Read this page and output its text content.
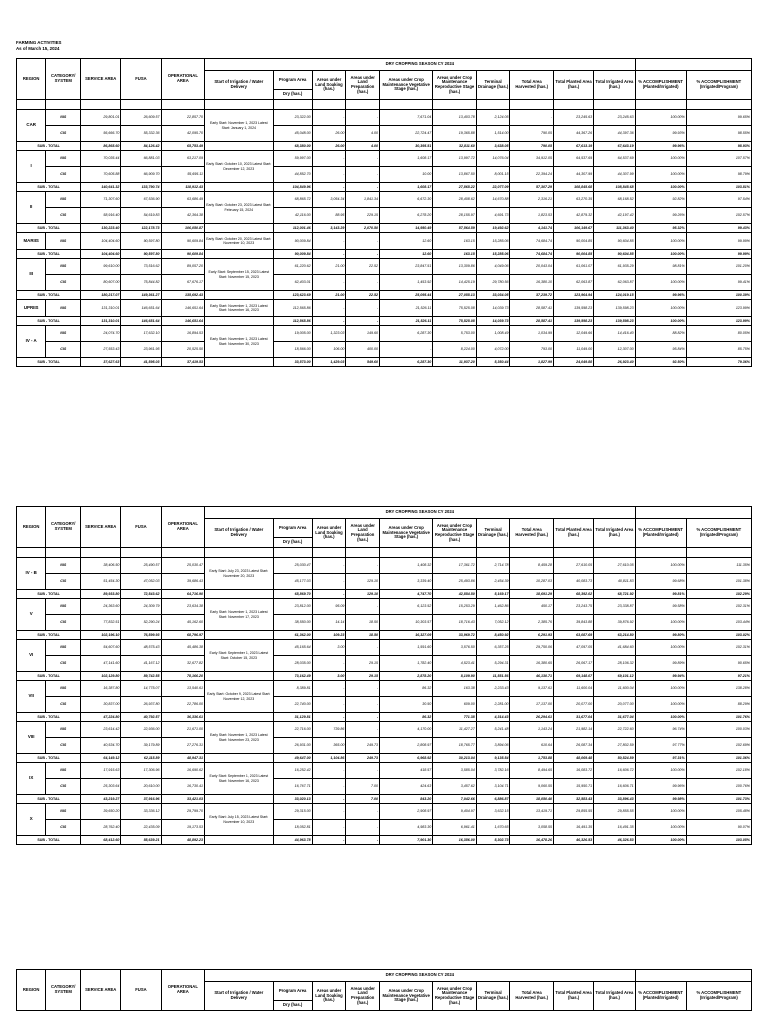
FARMING ACTIVITIES
As of March 15, 2024
REGION	CATEGORY/ SYSTEM	SERVICE AREA	FUSA	OPERATIONAL AREA	DRY CROPPING SEASON CY 2024											
					Start of Irrigation / Water Delivery	Program Area	Areas under Land Soaking (has.)	Areas under Land Preparation (has.)	Areas under Crop Maintenance Vegetative Stage (has.)	Areas under Crop Maintenance Reproductive Stage (has.)	Terminal Drainage (has.)	Total Area Harvested (has.)	Total Planted Area (has.)	Total Irrigated Area (has.)	% ACCOMPLISHMENT (Planted/Irrigated)	% ACCOMPLISHMENT (Irrigated/Program)
						Dry (has.)										

CAR	NIS	29,801.01	26,609.57	22,857.70	Early Start: November 1, 2023 Latest Start: January 1, 2024	23,322.00	-	-	7,671.04	13,403.78	2,124.05	-	23,245.63	23,245.63	100.00%	99.65%
	CIS	56,666.70	55,332.36	42,095.70		45,048.00	26.00	4.00	22,724.47	19,365.88	1,514.00	790.05	44,367.26	44,397.36	99.93%	98.55%
SUB - TOTAL		86,865.60	84,126.42	65,753.49		68,380.00	26.00	4.00	30,395.51	32,811.60	3,638.05	790.05	67,613.19	67,643.19	99.96%	98.93%
I	NIS	70,035.44	66,881.03	63,217.09	Early Start: October 10, 2023 Latest Start: December 12, 2023	59,997.00	-	-	1,608.17	13,997.72	14,076.04	34,912.05	64,537.69	64,537.69	100.00%	107.57%
	CIS	70,605.88	66,909.70	55,695.11		44,852.70	-	-	10.00	13,867.50	8,001.15	22,394.24	44,307.99	44,307.99	100.00%	98.79%
SUB - TOTAL		140,641.32	133,790.74	118,912.43		104,849.96	-	-	1,608.17	27,865.22	22,077.09	57,307.29	108,845.68	108,845.68	100.00%	103.81%
II	NIS	71,307.60	67,536.90	63,686.49	Early Start: October 23, 2023 Latest Start: February 15, 2024	68,865.72	3,054.34	1,841.34	6,672.30	28,408.62	14,670.88	2,316.21	63,270.35	68,168.52	92.82%	97.54%
	CIS	58,916.40	54,619.83	42,364.38		42,116.00	88.95	229.15	6,278.20	28,155.97	4,691.73	1,823.53	42,879.32	42,197.42	99.26%	102.57%
SUB - TOTAL		130,223.40	122,178.73	106,050.87		112,001.46	3,143.29	2,070.50	14,950.49	57,564.59	19,492.62	4,141.74	106,149.67	111,363.40	95.32%	99.43%
MARIIS	NIS	104,404.60	90,597.80	90,609.84	Early Start: October 20, 2023 Latest Start: November 10, 2023	90,009.84	-	-	12.60	163.15	15,285.06	74,684.74	90,004.85	90,604.85	100.00%	99.99%
SUB - TOTAL		104,404.60	90,597.80	90,609.84		90,009.84	-	-	12.60	163.15	15,285.06	74,684.74	90,004.85	90,604.85	100.00%	99.99%
III	NIS	99,610.00	73,516.62	89,057.20	Early Start: September 15, 2023 Latest Start: November 15, 2023	61,220.62	21.00	22.52	23,847.51	13,309.86	4,049.06	20,043.04	61,061.07	61,935.29	98.81%	101.20%
	CIS	80,607.00	75,844.82	67,676.17		62,403.01	-	-	1,453.92	14,425.19	29,780.56	16,380.10	62,063.87	62,063.87	100.00%	99.41%
SUB - TOTAL		180,217.07	149,361.27	135,692.43		123,623.69	21.00	22.52	25,095.44	27,055.13	33,034.05	37,239.72	123,964.94	124,019.15	99.96%	100.39%
UPRIIS	NIS	131,310.01	146,651.64	146,651.64	Early Start: November 1, 2023 Latest Start: November 16, 2023	112,565.86	-	-	21,526.11	75,525.08	14,039.73	28,587.41	139,598.23	139,598.23	100.00%	123.99%
SUB - TOTAL		131,310.01	146,651.64	146,651.64		112,565.86	-	-	21,526.11	75,525.08	14,039.73	28,587.41	139,598.23	139,598.23	100.00%	123.99%
IV - A	NIS	24,074.70	17,632.10	16,894.53	Early Start: November 1, 2023 Latest Start: November 30, 2023	19,005.00	1,323.03	149.60	6,287.30	5,753.00	1,008.49	1,034.99	12,049.66	14,416.40	88.82%	80.05%
	CIS	27,553.43	23,961.95	20,525.50		18,566.00	106.00	400.00	-	8,224.00	4,072.00	793.00	11,049.00	12,307.00	95.84%	85.75%
SUB - TOTAL		37,627.63	41,595.03	37,419.53		33,573.00	1,429.03	549.60	6,287.30	11,937.20	5,350.44	1,827.99	24,049.88	26,923.40	92.50%	79.36%
REGION	CATEGORY/ SYSTEM	SERVICE AREA	FUSA	OPERATIONAL AREA	DRY CROPPING SEASON CY 2024											
					Start of Irrigation / Water Delivery	Program Area	Areas under Land Soaking (has.)	Areas under Land Preparation (has.)	Areas under Crop Maintenance Vegetative Stage (has.)	Areas under Crop Maintenance Reproductive Stage (has.)	Terminal Drainage (has.)	Total Area Harvested (has.)	Total Planted Area (has.)	Total Irrigated Area (has.)	% ACCOMPLISHMENT (Planted/Irrigated)	% ACCOMPLISHMENT (Irrigated/Program)
						Dry (has.)										

IV - B	NIS	38,406.50	25,490.57	25,030.47	Early Start: July 23, 2023 Latest Start: November 20, 2023	25,030.47	-	-	1,408.32	17,361.72	2,714.78	8,459.28	27,610.05	27,610.05	100.00%	111.35%
	CIS	51,454.30	47,052.03	39,686.43		45,177.03	-	129.10	3,339.40	25,493.86	2,454.39	10,287.03	40,083.73	40,811.83	99.68%	101.38%
SUB - TOTAL		89,933.80	72,543.62	64,716.90		65,869.70	-	129.10	4,747.70	42,854.50	5,169.17	18,691.29	68,392.02	68,721.92	99.81%	102.29%
V	NIS	24,363.60	24,309.79	23,634.38	Early Start: November 1, 2023 Latest Start: November 17, 2023	23,812.00	95.09	-	6,123.52	15,253.29	1,462.86	450.17	23,243.75	23,338.87	99.58%	102.31%
	CIS	77,832.51	52,290.24	45,162.60		38,550.00	14.14	18.50	10,303.57	18,716.43	7,052.12	2,385.76	39,843.88	39,876.92	100.00%	103.44%
SUB - TOTAL		102,196.10	76,599.93	68,796.97		61,362.00	109.23	18.50	16,327.09	33,969.72	8,450.92	6,291.93	63,087.69	63,214.80	99.80%	103.02%
VI	NIS	54,607.60	48,575.43	45,486.38	Early Start: September 1, 2023 Latest Start: October 15, 2023	45,165.64	3.00	-	1,591.60	3,576.50	6,357.25	29,750.06	47,097.05	41,684.60	100.00%	102.31%
	CIS	47,141.60	41,167.12	32,677.82		28,035.00	-	29.15	1,782.40	4,523.41	5,294.31	16,380.65	26,067.17	28,106.32	99.89%	90.65%
SUB - TOTAL		102,129.80	89,742.55	78,166.20		73,162.49	3.00	29.15	2,878.20	8,109.90	11,551.56	46,130.71	69,148.07	69,101.12	99.94%	97.21%
VII	NIS	16,387.80	14,775.07	13,540.61	Early Start: October 9, 2023 Latest Start: November 12, 2023	8,389.81	-	-	86.32	163.38	2,233.43	9,137.61	11,600.04	11,600.04	100.00%	138.28%
	CIS	30,837.00	26,937.80	22,786.00		22,740.00	-	-	30.50	609.00	2,281.00	17,137.00	20,077.00	20,077.00	100.00%	88.29%
SUB - TOTAL		47,224.80	40,792.57	36,336.61		31,129.81	-	-	86.32	771.38	4,314.43	26,294.61	31,677.04	31,677.04	100.00%	101.76%
VIII	NIS	23,614.42	22,936.00	21,671.00	Early Start: November 1, 2023 Latest Start: November 23, 2023	22,716.00	739.86	-	4,170.00	11,427.27	5,241.48	1,143.24	21,982.14	22,722.60	96.74%	100.03%
	CIS	40,534.70	39,179.89	27,276.31		26,931.00	365.00	249.73	2,808.97	18,765.77	3,894.06	610.64	26,087.34	27,802.59	97.77%	102.69%
SUB - TOTAL		64,149.12	62,115.89	48,947.31		49,647.00	1,104.86	249.73	6,968.92	30,213.04	9,135.54	1,753.88	48,069.48	50,524.89	97.31%	101.36%
IX	NIS	17,915.63	17,306.96	16,690.62	Early Start: September 1, 2023 Latest Start: November 16, 2023	16,252.42	-	-	418.57	3,585.04	3,782.16	8,494.65	16,083.72	16,606.72	100.00%	102.18%
	CIS	25,303.64	20,610.00	16,730.41		16,767.71	-	7.00	424.63	3,457.62	3,104.71	9,060.55	15,950.71	16,606.71	99.96%	100.76%
SUB - TOTAL		43,219.27	37,916.96	33,421.03		33,020.13	-	7.00	843.20	7,042.66	6,886.87	18,050.40	32,583.43	33,896.43	99.98%	101.73%
X	NIS	39,650.20	33,336.12	29,799.70	Early Start: July 15, 2023 Latest Start: November 10, 2023	29,315.00	-	-	2,908.97	9,404.97	3,632.15	13,419.71	29,855.55	29,855.55	100.00%	105.48%
	CIS	28,762.40	22,435.09	19,173.53		18,052.81	-	-	4,983.30	6,961.41	1,670.65	3,058.55	16,491.35	16,491.35	100.00%	90.07%
SUB - TOTAL		68,412.60	55,639.21	48,892.23		44,963.78	-	-	7,901.30	16,356.00	5,302.73	16,478.26	46,326.53	46,326.53	100.00%	103.05%
REGION	CATEGORY/ SYSTEM	SERVICE AREA	FUSA	OPERATIONAL AREA	DRY CROPPING SEASON CY 2024											
					Start of Irrigation / Water Delivery	Program Area	Areas under Land Soaking (has.)	Areas under Land Preparation (has.)	Areas under Crop Maintenance Vegetative Stage (has.)	Areas under Crop Maintenance Reproductive Stage (has.)	Terminal Drainage (has.)	Total Area Harvested (has.)	Total Planted Area (has.)	Total Irrigated Area (has.)	% ACCOMPLISHMENT (Planted/Irrigated)	% ACCOMPLISHMENT (Irrigated/Program)
						Dry (has.)										
